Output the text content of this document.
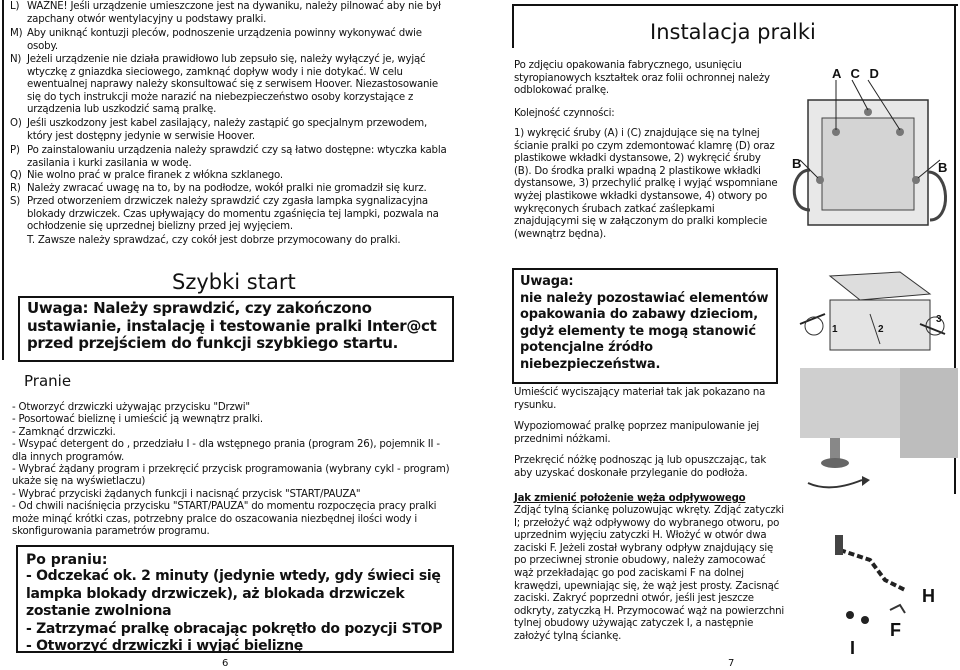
L) WAŻNE! Jeśli urządzenie umieszczone jest na dywaniku, należy pilnować aby nie był zapchany otwór wentylacyjny u podstawy pralki.
M) Aby uniknąć kontuzji pleców, podnoszenie urządzenia powinny wykonywać dwie osoby.
N) Jeżeli urządzenie nie działa prawidłowo lub zepsuło się, należy wyłączyć je, wyjąć wtyczkę z gniazdka sieciowego, zamknąć dopływ wody i nie dotykać. W celu ewentualnej naprawy należy skonsultować się z serwisem Hoover. Niezastosowanie się do tych instrukcji może narazić na niebezpieczeństwo osoby korzystające z urządzenia lub uszkodzić samą pralkę.
O) Jeśli uszkodzony jest kabel zasilający, należy zastąpić go specjalnym przewodem, który jest dostępny jedynie w serwisie Hoover.
P) Po zainstalowaniu urządzenia należy sprawdzić czy są łatwo dostępne: wtyczka kabla zasilania i kurki zasilania w wodę.
Q) Nie wolno prać w pralce firanek z włókna szklanego.
R) Należy zwracać uwagę na to, by na podłodze, wokół pralki nie gromadził się kurz.
S) Przed otworzeniem drzwiczek należy sprawdzić czy zgasła lampka sygnalizacyjna blokady drzwiczek. Czas upływający do momentu zgaśnięcia tej lampki, pozwala na ochłodzenie się uprzednej bielizny przed jej wyjęciem.
T. Zawsze należy sprawdzać, czy cokół jest dobrze przymocowany do pralki.
Szybki start
Uwaga: Należy sprawdzić, czy zakończono ustawianie, instalację i testowanie pralki Inter@ct przed przejściem do funkcji szybkiego startu.
Pranie
- Otworzyć drzwiczki używając przycisku "Drzwi"
- Posortować bieliznę i umieścić ją wewnątrz pralki.
- Zamknąć drzwiczki.
- Wsypać detergent do , przedziału I - dla wstępnego prania (program 26), pojemnik II - dla innych programów.
- Wybrać żądany program i przekręcić przycisk programowania (wybrany cykl - program) ukaże się na wyświetlaczu)
- Wybrać przyciski żądanych funkcji i nacisnąć przycisk "START/PAUZA"
- Od chwili naciśnięcia przycisku "START/PAUZA" do momentu rozpoczęcia pracy pralki może minąć krótki czas, potrzebny pralce do oszacowania niezbędnej ilości wody i skonfigurowania parametrów programu.

Po praniu:

- Odczekać ok. 2 minuty (jedynie wtedy, gdy świeci się lampka blokady drzwiczek), aż blokada drzwiczek zostanie zwolniona
- Zatrzymać pralkę obracając pokrętło do pozycji STOP
- Otworzyć drzwiczki i wyjąć bieliznę
6
Instalacja pralki
Po zdjęciu opakowania fabrycznego, usunięciu styropianowych kształtek oraz folii ochronnej należy odblokować pralkę.
Kolejność czynności:
1) wykręcić śruby (A) i (C) znajdujące się na tylnej ścianie pralki po czym zdemontować klamrę (D) oraz plastikowe wkładki dystansowe, 2) wykręcić śruby (B). Do środka pralki wpadną 2 plastikowe wkładki dystansowe, 3) przechylić pralkę i wyjąć wspomniane wyżej plastikowe wkładki dystansowe, 4) otwory po wykręconych śrubach zatkać zaślepkami znajdującymi się w załączonym do pralki komplecie (wewnątrz będna).
A C D
B	B
Uwaga:
nie należy pozostawiać elementów opakowania do zabawy dzieciom, gdyż elementy te mogą stanowić potencjalne źródło niebezpieczeństwa.
1	2
3
Umieścić wyciszający materiał tak jak pokazano na rysunku.
Wypoziomować pralkę poprzez manipulowanie jej przednimi nóżkami.
Przekręcić nóżkę podnosząc ją lub opuszczając, tak aby uzyskać doskonałe przyleganie do podłoża.
Jak zmienić położenie węża odpływowego
Zdjąć tylną ściankę poluzowując wkręty. Zdjąć zatyczki I; przełożyć wąż odpływowy do wybranego otworu, po uprzednim wyjęciu zatyczki H. Włożyć w otwór dwa zaciski F. Jeżeli został wybrany odpływ znajdujący się po przeciwnej stronie obudowy, należy zamocować wąż przekładając go pod zaciskami F na dolnej krawędzi, upewniając się, że wąż jest prosty. Zacisnąć zaciski. Zakryć poprzedni otwór, jeśli jest jeszcze odkryty, zatyczką H. Przymocować wąż na powierzchni tylnej obudowy używając zatyczek I, a następnie założyć tylną ściankę.
H
F
I
7
